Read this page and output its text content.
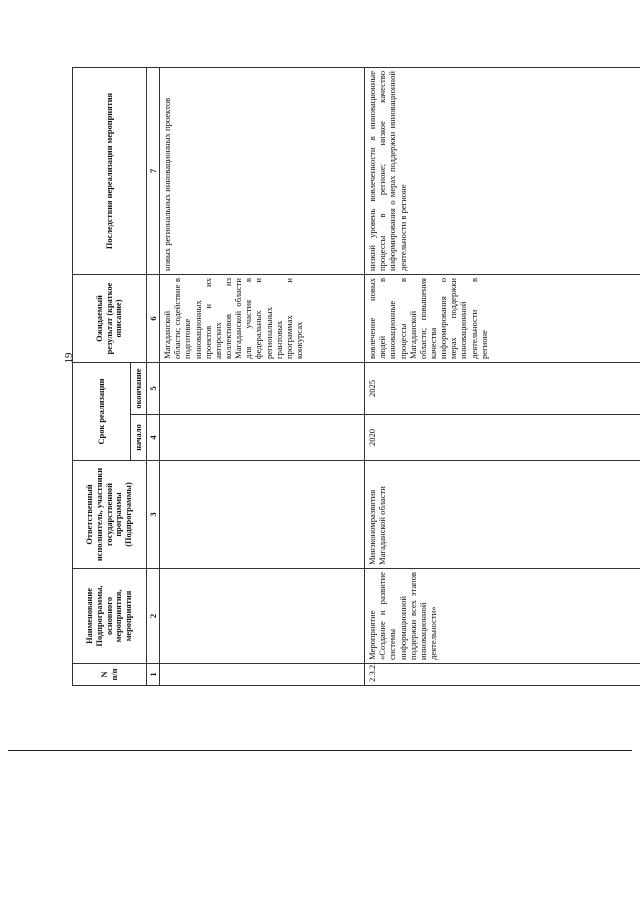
19
N п/п	Наименование Подпрограммы, основного мероприятия, мероприятия	Ответственный исполнитель, участники государственной программы (Подпрограммы)	Срок реализации		Ожидаемый результат (краткое описание)	Последствия нереализации мероприятия
			начало	окончание		
1	2	3	4	5	6	7
					Магаданской области; содействие в подготовке инновационных проектов и их авторских коллективов из Магаданской области для участия в федеральных и региональных грантовых программах и конкурсах	новых региональных инновационных проектов
2.3.2.	Мероприятие «Создание и развитие системы информационной поддержки всех этапов инновационной деятельности»	Минэкономразвития Магаданской области	2020	2025	вовлечение новых людей в инновационные процессы в Магаданской области; повышения качества информирования о мерах поддержки инновационной деятельности в регионе	низкий уровень вовлеченности в инновационные процессы в регионе; низкое качество информирования о мерах поддержки инновационной деятельности в регионе
